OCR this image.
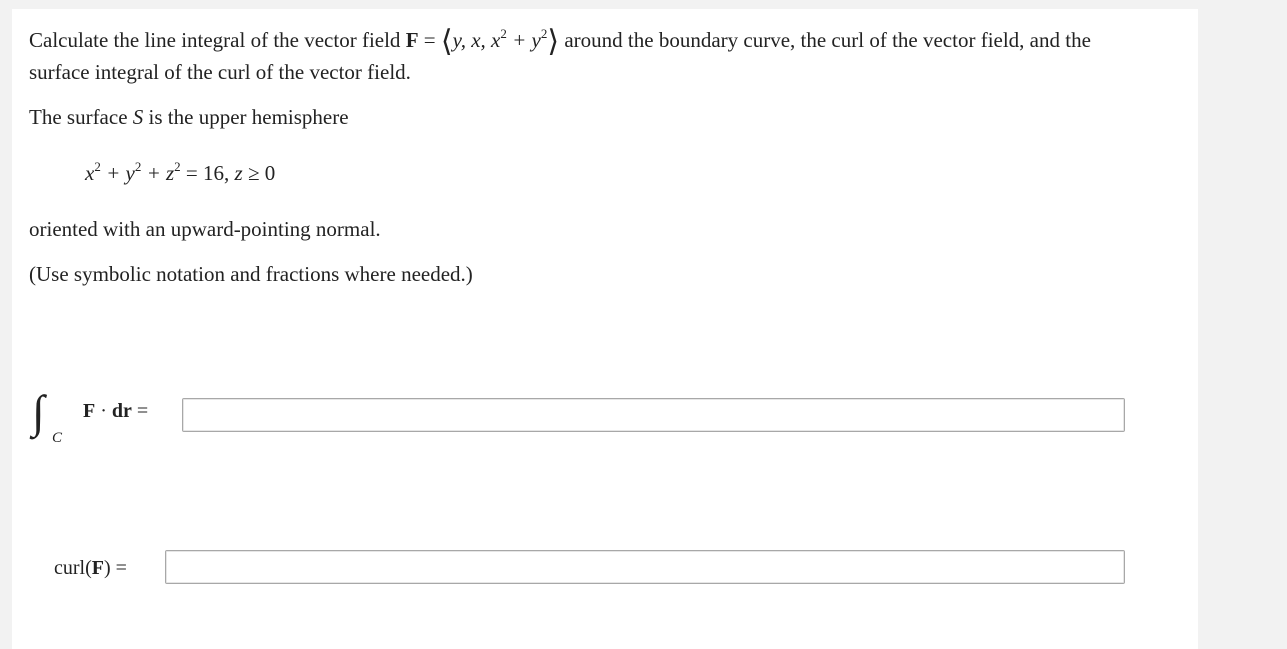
Calculate the line integral of the vector field F = ⟨y, x, $x^2$ + $y^2⟩$ around the boundary curve, the curl of the vector field, and the
surface integral of the curl of the vector field.
The surface S is the upper hemisphere
$x^2 + y^2 + z^2 = 16$, z ≥ 0
oriented with an upward-pointing normal.
(Use symbolic notation and fractions where needed.)
∫
C
F · dr =
curl(F) =
